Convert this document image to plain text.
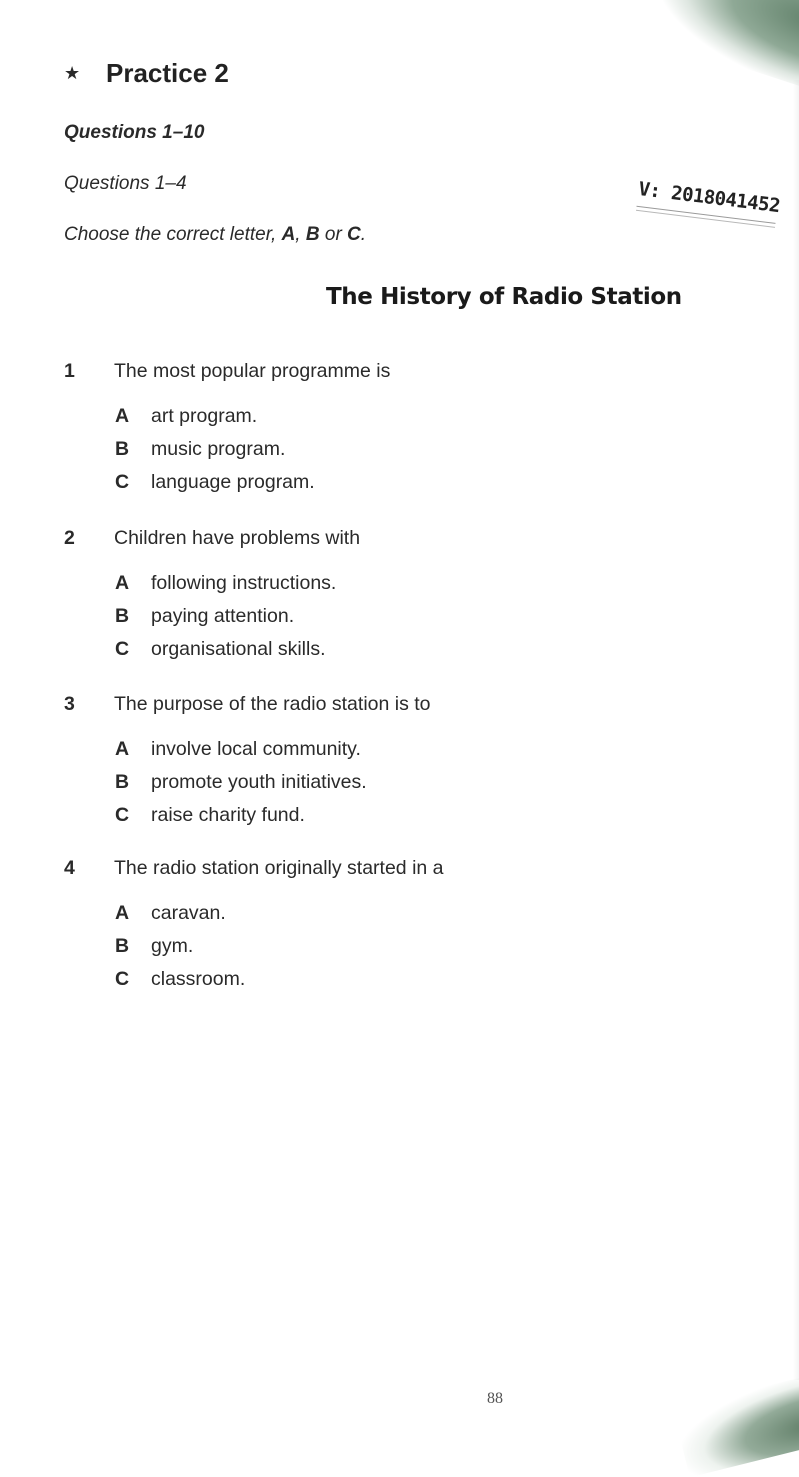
★ Practice 2
Questions 1–10
Questions 1–4
Choose the correct letter, A, B or C.
V: 2018041452
The History of Radio Station
1	The most popular programme is
A	art program.
B	music program.
C	language program.
2	Children have problems with
A	following instructions.
B	paying attention.
C	organisational skills.
3	The purpose of the radio station is to
A	involve local community.
B	promote youth initiatives.
C	raise charity fund.
4	The radio station originally started in a
A	caravan.
B	gym.
C	classroom.
88
